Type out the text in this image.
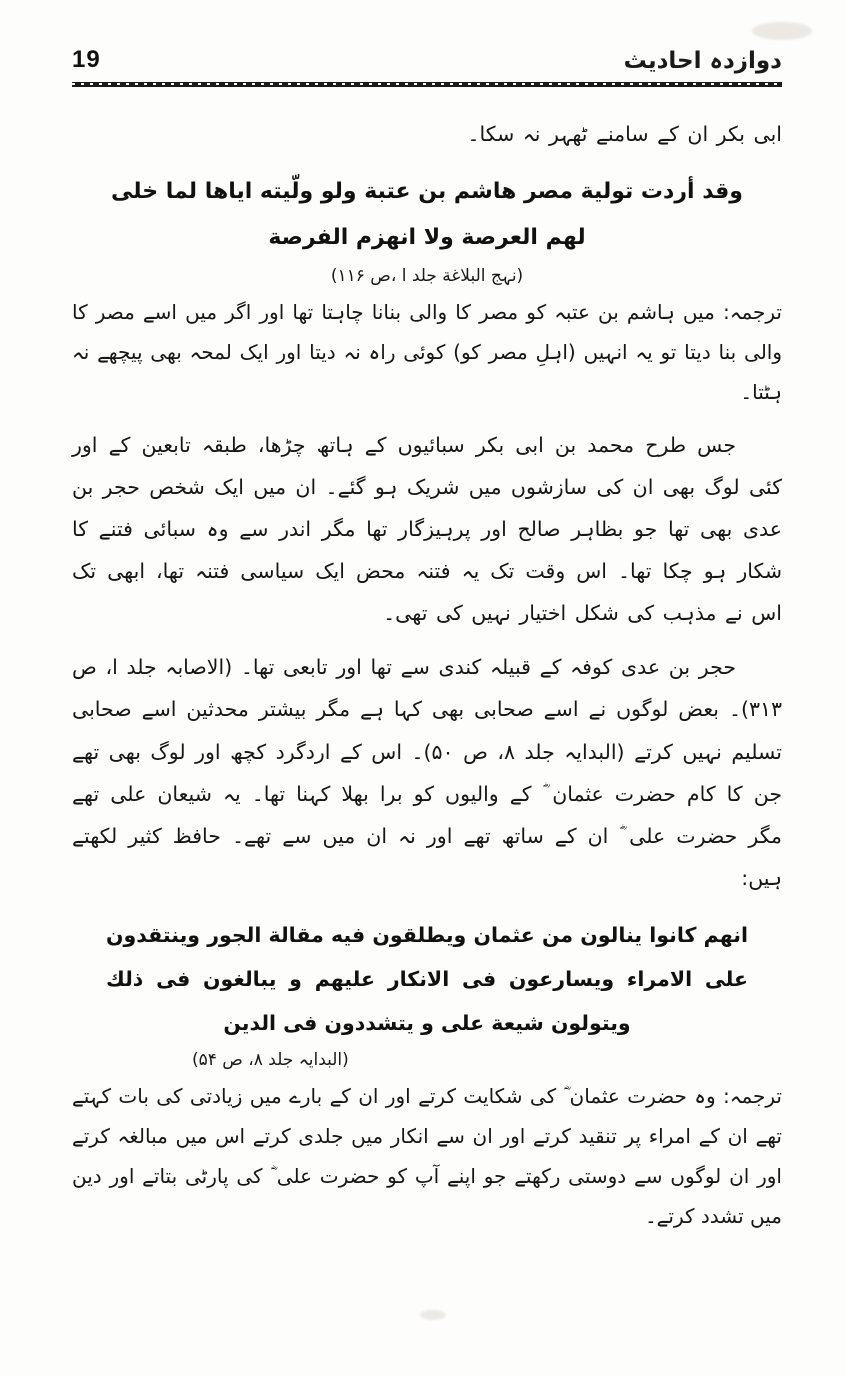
دوازدہ احادیث
19
ابی بکر ان کے سامنے ٹھہر نہ سکا۔
وقد أردت تولیة مصر هاشم بن عتبة ولو ولّیته ایاها لما خلی لهم العرصة ولا انهزم الفرصة
(نہج البلاغة جلد ا ،ص ۱۱۶)
ترجمہ: میں ہاشم بن عتبہ کو مصر کا والی بنانا چاہتا تھا اور اگر میں اسے مصر کا والی بنا دیتا تو یہ انہیں (اہلِ مصر کو) کوئی راہ نہ دیتا اور ایک لمحہ بھی پیچھے نہ ہٹتا۔
جس طرح محمد بن ابی بکر سبائیوں کے ہاتھ چڑھا، طبقہ تابعین کے اور کئی لوگ بھی ان کی سازشوں میں شریک ہو گئے۔ ان میں ایک شخص حجر بن عدی بھی تھا جو بظاہر صالح اور پرہیزگار تھا مگر اندر سے وہ سبائی فتنے کا شکار ہو چکا تھا۔ اس وقت تک یہ فتنہ محض ایک سیاسی فتنہ تھا، ابھی تک اس نے مذہب کی شکل اختیار نہیں کی تھی۔
حجر بن عدی کوفہ کے قبیلہ کندی سے تھا اور تابعی تھا۔ (الاصابہ جلد ا، ص ۳۱۳)۔ بعض لوگوں نے اسے صحابی بھی کہا ہے مگر بیشتر محدثین اسے صحابی تسلیم نہیں کرتے (البدایہ جلد ۸، ص ۵۰)۔ اس کے اردگرد کچھ اور لوگ بھی تھے جن کا کام حضرت عثمان ؓ کے والیوں کو برا بھلا کہنا تھا۔ یہ شیعان علی تھے مگر حضرت علی ؓ ان کے ساتھ تھے اور نہ ان میں سے تھے۔ حافظ کثیر لکھتے ہیں:
انهم کانوا ینالون من عثمان ویطلقون فیه مقالة الجور وینتقدون علی الامراء ویسارعون فی الانکار علیهم و یبالغون فی ذلك ویتولون شیعة علی و یتشددون فی الدین
(البدایہ جلد ۸، ص ۵۴)
ترجمہ: وہ حضرت عثمان ؓ کی شکایت کرتے اور ان کے بارے میں زیادتی کی بات کہتے تھے ان کے امراء پر تنقید کرتے اور ان سے انکار میں جلدی کرتے اس میں مبالغہ کرتے اور ان لوگوں سے دوستی رکھتے جو اپنے آپ کو حضرت علی ؓ کی پارٹی بتاتے اور دین میں تشدد کرتے۔
